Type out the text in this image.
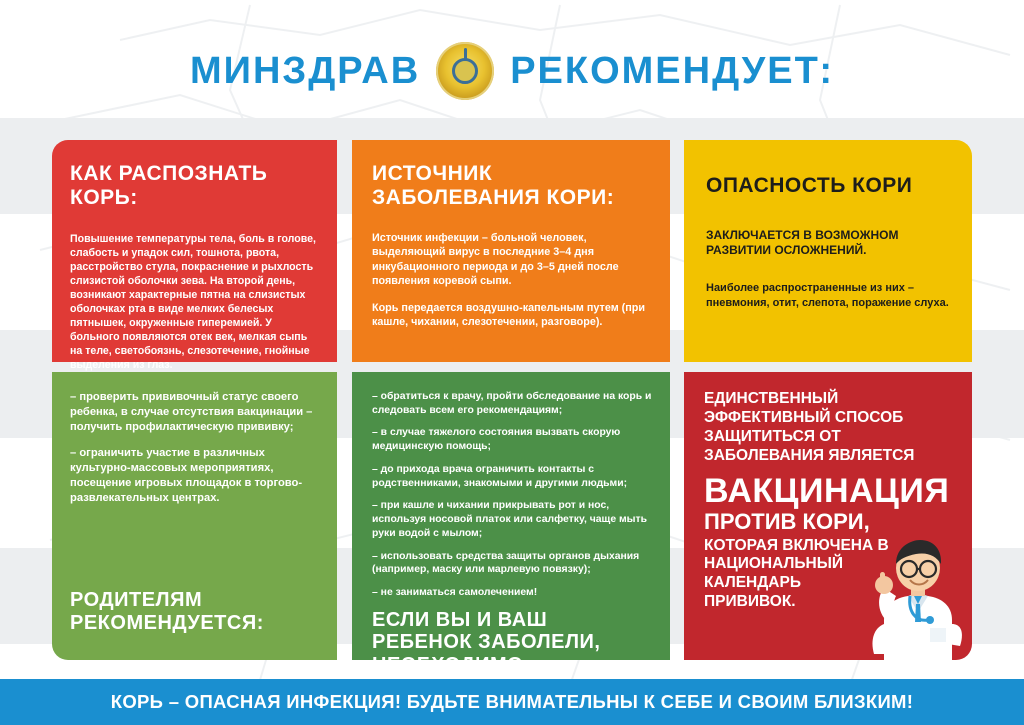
МИНЗДРАВ РЕКОМЕНДУЕТ:
КАК РАСПОЗНАТЬ КОРЬ:
Повышение температуры тела, боль в голове, слабость и упадок сил, тошнота, рвота, расстройство стула, покраснение и рыхлость слизистой оболочки зева. На второй день, возникают характерные пятна на слизистых оболочках рта в виде мелких белесых пятнышек, окруженные гиперемией. У больного появляются отек век, мелкая сыпь на теле, светобоязнь, слезотечение, гнойные выделения из глаз.
ИСТОЧНИК ЗАБОЛЕВАНИЯ КОРИ:

Источник инфекции – больной человек, выделяющий вирус в последние 3–4 дня инкубационного периода и до 3–5 дней после появления коревой сыпи.

Корь передается воздушно-капельным путем (при кашле, чихании, слезотечении, разговоре).

ОПАСНОСТЬ КОРИ

ЗАКЛЮЧАЕТСЯ В ВОЗМОЖНОМ РАЗВИТИИ ОСЛОЖНЕНИЙ.

Наиболее распространенные из них – пневмония, отит, слепота, поражение слуха.

– проверить прививочный статус своего ребенка, в случае отсутствия вакцинации – получить профилактическую прививку;

– ограничить участие в различных культурно-массовых мероприятиях, посещение игровых площадок в торгово-развлекательных центрах.

РОДИТЕЛЯМ РЕКОМЕНДУЕТСЯ:

– обратиться к врачу, пройти обследование на корь и следовать всем его рекомендациям;

– в случае тяжелого состояния вызвать скорую медицинскую помощь;

– до прихода врача ограничить контакты с родственниками, знакомыми и другими людьми;

– при кашле и чихании прикрывать рот и нос, используя носовой платок или салфетку, чаще мыть руки водой с мылом;

– использовать средства защиты органов дыхания (например, маску или марлевую повязку);

– не заниматься самолечением!

ЕСЛИ ВЫ И ВАШ РЕБЕНОК ЗАБОЛЕЛИ, НЕОБХОДИМО:
ЕДИНСТВЕННЫЙ ЭФФЕКТИВНЫЙ СПОСОБ ЗАЩИТИТЬСЯ ОТ ЗАБОЛЕВАНИЯ ЯВЛЯЕТСЯ
ВАКЦИНАЦИЯ
ПРОТИВ КОРИ,
КОТОРАЯ ВКЛЮЧЕНА В НАЦИОНАЛЬНЫЙ КАЛЕНДАРЬ ПРИВИВОК.
КОРЬ – ОПАСНАЯ ИНФЕКЦИЯ! БУДЬТЕ ВНИМАТЕЛЬНЫ К СЕБЕ И СВОИМ БЛИЗКИМ!
